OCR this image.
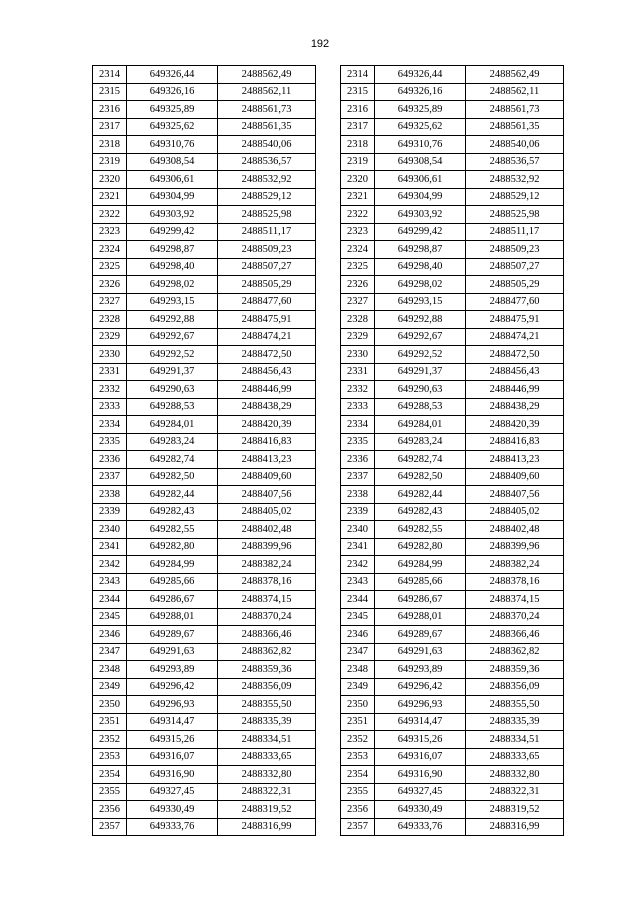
192
2314	649326,44	2488562,49
2315	649326,16	2488562,11
2316	649325,89	2488561,73
2317	649325,62	2488561,35
2318	649310,76	2488540,06
2319	649308,54	2488536,57
2320	649306,61	2488532,92
2321	649304,99	2488529,12
2322	649303,92	2488525,98
2323	649299,42	2488511,17
2324	649298,87	2488509,23
2325	649298,40	2488507,27
2326	649298,02	2488505,29
2327	649293,15	2488477,60
2328	649292,88	2488475,91
2329	649292,67	2488474,21
2330	649292,52	2488472,50
2331	649291,37	2488456,43
2332	649290,63	2488446,99
2333	649288,53	2488438,29
2334	649284,01	2488420,39
2335	649283,24	2488416,83
2336	649282,74	2488413,23
2337	649282,50	2488409,60
2338	649282,44	2488407,56
2339	649282,43	2488405,02
2340	649282,55	2488402,48
2341	649282,80	2488399,96
2342	649284,99	2488382,24
2343	649285,66	2488378,16
2344	649286,67	2488374,15
2345	649288,01	2488370,24
2346	649289,67	2488366,46
2347	649291,63	2488362,82
2348	649293,89	2488359,36
2349	649296,42	2488356,09
2350	649296,93	2488355,50
2351	649314,47	2488335,39
2352	649315,26	2488334,51
2353	649316,07	2488333,65
2354	649316,90	2488332,80
2355	649327,45	2488322,31
2356	649330,49	2488319,52
2357	649333,76	2488316,99
2314	649326,44	2488562,49
2315	649326,16	2488562,11
2316	649325,89	2488561,73
2317	649325,62	2488561,35
2318	649310,76	2488540,06
2319	649308,54	2488536,57
2320	649306,61	2488532,92
2321	649304,99	2488529,12
2322	649303,92	2488525,98
2323	649299,42	2488511,17
2324	649298,87	2488509,23
2325	649298,40	2488507,27
2326	649298,02	2488505,29
2327	649293,15	2488477,60
2328	649292,88	2488475,91
2329	649292,67	2488474,21
2330	649292,52	2488472,50
2331	649291,37	2488456,43
2332	649290,63	2488446,99
2333	649288,53	2488438,29
2334	649284,01	2488420,39
2335	649283,24	2488416,83
2336	649282,74	2488413,23
2337	649282,50	2488409,60
2338	649282,44	2488407,56
2339	649282,43	2488405,02
2340	649282,55	2488402,48
2341	649282,80	2488399,96
2342	649284,99	2488382,24
2343	649285,66	2488378,16
2344	649286,67	2488374,15
2345	649288,01	2488370,24
2346	649289,67	2488366,46
2347	649291,63	2488362,82
2348	649293,89	2488359,36
2349	649296,42	2488356,09
2350	649296,93	2488355,50
2351	649314,47	2488335,39
2352	649315,26	2488334,51
2353	649316,07	2488333,65
2354	649316,90	2488332,80
2355	649327,45	2488322,31
2356	649330,49	2488319,52
2357	649333,76	2488316,99
